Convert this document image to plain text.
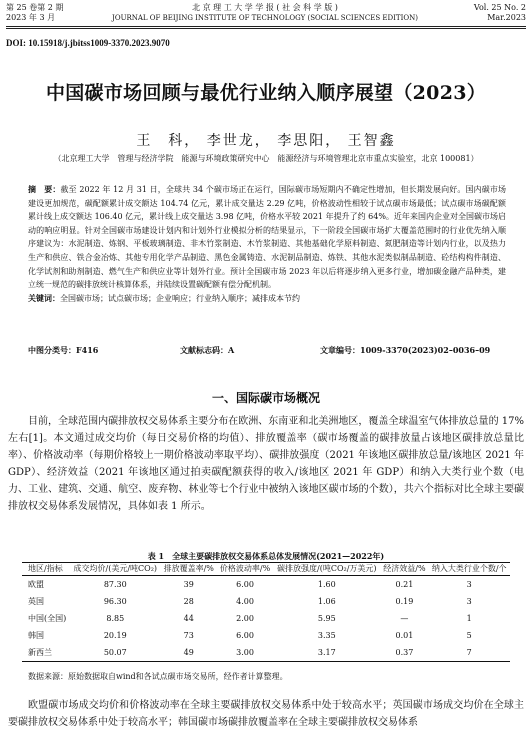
第 25 卷第 2 期
2023 年 3 月
北 京 理 工 大 学 学 报 ( 社 会 科 学 版 )
JOURNAL OF BEIJING INSTITUTE OF TECHNOLOGY (SOCIAL SCIENCES EDITION)
Vol. 25 No. 2
Mar.2023
DOI: 10.15918/j.jbitss1009-3370.2023.9070
中国碳市场回顾与最优行业纳入顺序展望（2023）
王　科， 李世龙， 李思阳， 王智鑫
（北京理工大学　管理与经济学院　能源与环境政策研究中心　能源经济与环境管理北京市重点实验室，北京 100081）
摘　要：截至 2022 年 12 月 31 日，全球共 34 个碳市场正在运行，国际碳市场短期内不确定性增加，但长期发展向好。国内碳市场建设更加规范，碳配额累计成交额达 104.74 亿元，累计成交量达 2.29 亿吨，价格波动性相较于试点碳市场最低；试点碳市场碳配额累计线上成交额达 106.40 亿元，累计线上成交量达 3.98 亿吨，价格水平较 2021 年提升了约 64%。近年来国内企业对全国碳市场启动的响应明显。针对全国碳市场建设计划内和计划外行业模拟分析的结果显示，下一阶段全国碳市场扩大覆盖范围时的行业优先纳入顺序建议为：水泥制造、炼钢、平板玻璃制造、非木竹浆制造、木竹浆制造、其他基础化学原料制造、氮肥制造等计划内行业，以及热力生产和供应、铁合金冶炼、其他专用化学产品制造、黑色金属铸造、水泥制品制造、炼铁、其他水泥类似制品制造、砼结构构件制造、化学试剂和助剂制造、燃气生产和供应业等计划外行业。预计全国碳市场 2023 年以后将逐步纳入更多行业，增加碳金融产品种类，建立统一规范的碳排放统计核算体系，并陆续设置碳配额有偿分配机制。
关键词：全国碳市场；试点碳市场；企业响应；行业纳入顺序；减排成本节约
中图分类号：F416	文献标志码：A	文章编号：1009-3370(2023)02–0036–09
一、国际碳市场概况
目前，全球范围内碳排放权交易体系主要分布在欧洲、东南亚和北美洲地区，覆盖全球温室气体排放总量的 17% 左右[1]。本文通过成交均价（每日交易价格的均值）、排放覆盖率（碳市场覆盖的碳排放量占该地区碳排放总量比率）、价格波动率（每期价格较上一期价格波动率取平均）、碳排放强度（2021 年该地区碳排放总量/该地区 2021 年 GDP）、经济效益（2021 年该地区通过拍卖碳配额获得的收入/该地区 2021 年 GDP）和纳入大类行业个数（电力、工业、建筑、交通、航空、废弃物、林业等七个行业中被纳入该地区碳市场的个数），共六个指标对比全球主要碳排放权交易体系发展情况，具体如表 1 所示。
表 1　全球主要碳排放权交易体系总体发展情况(2021—2022年)
地区/指标	成交均价/(美元/吨CO₂)	排放覆盖率/%	价格波动率/%	碳排放强度/(吨CO₂/万美元)	经济效益/%	纳入大类行业个数/个
欧盟	87.30	39	6.00	1.60	0.21	3
英国	96.30	28	4.00	1.06	0.19	3
中国(全国)	8.85	44	2.00	5.95	—	1
韩国	20.19	73	6.00	3.35	0.01	5
新西兰	50.07	49	3.00	3.17	0.37	7
数据来源：原始数据取自wind和各试点碳市场交易所，经作者计算整理。
欧盟碳市场成交均价和价格波动率在全球主要碳排放权交易体系中处于较高水平；英国碳市场成交均价在全球主要碳排放权交易体系中处于较高水平；韩国碳市场碳排放覆盖率在全球主要碳排放权交易体系
